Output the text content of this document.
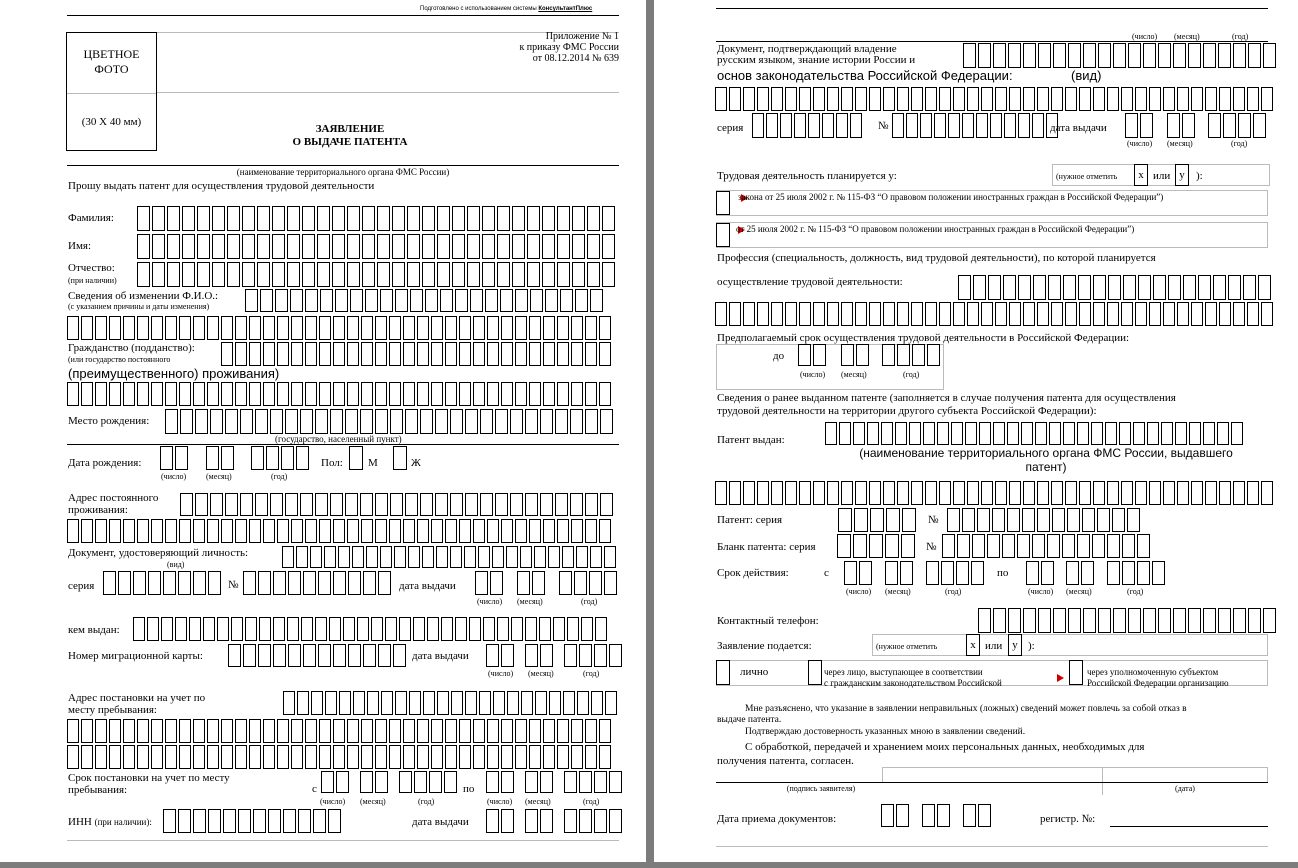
Подготовлено с использованием системы КонсультантПлюс
ЦВЕТНОЕ
ФОТО
(30 Х 40 мм)
Приложение № 1
к приказу ФМС России
от 08.12.2014 № 639
ЗАЯВЛЕНИЕ
О ВЫДАЧЕ ПАТЕНТА
(наименование территориального органа ФМС России)
Прошу выдать патент для осуществления трудовой деятельности
Фамилия:
Имя:
Отчество:
(при наличии)
Сведения об изменении Ф.И.О.:
(с указанием причины и даты изменения)
Гражданство (подданство):
(или государство постоянного
(преимущественного) проживания)
Место рождения:
(государство, населенный пункт)
Дата рождения:
(число) (месяц)	(год)
Пол: М	Ж
Адрес постоянного
проживания:
Документ, удостоверяющий личность:
(вид)
серия	№	дата выдачи
(число) (месяц)	(год)
кем выдан:
Номер миграционной карты:	дата выдачи
(число) (месяц)	(год)
Адрес постановки на учет по
месту пребывания:
Срок постановки на учет по месту
пребывания:	с
(число) (месяц)	(год)
по
(число) (месяц)	(год)
ИНН (при наличии):	дата выдачи
(число) (месяц)	(год)
Документ, подтверждающий владение
русским языком, знание истории России и
основ законодательства Российской Федерации:	(вид)
серия	№	дата выдачи
(число) (месяц)	(год)
Трудовая деятельность планируется у:	(нужное отметить	х или у	):
закона от 25 июля 2002 г. № 115-ФЗ “О правовом положении иностранных граждан в Российской Федерации”)
от 25 июля 2002 г. № 115-ФЗ “О правовом положении иностранных граждан в Российской Федерации”)
Профессия (специальность, должность, вид трудовой деятельности), по которой планируется
осуществление трудовой деятельности:
Предполагаемый срок осуществления трудовой деятельности в Российской Федерации:
до
(число) (месяц)	(год)
Сведения о ранее выданном патенте (заполняется в случае получения патента для осуществления
трудовой деятельности на территории другого субъекта Российской Федерации):
Патент выдан:
(наименование территориального органа ФМС России, выдавшего
патент)
Патент: серия	№
Бланк патента: серия	№
Срок действия:	с
(число) (месяц)	(год)
по
(число) (месяц)	(год)
Контактный телефон:
Заявление подается:	(нужное отметить	х или у ):
лично	через лицо, выступающее в соответствии
с гражданским законодательством Российской
через уполномоченную субъектом
Российской Федерации организацию
Мне разъяснено, что указание в заявлении неправильных (ложных) сведений может повлечь за собой отказ в
выдаче патента.
Подтверждаю достоверность указанных мною в заявлении сведений.
С обработкой, передачей и хранением моих персональных данных, необходимых для
получения патента, согласен.
(подпись заявителя)	(дата)
Дата приема документов:	регистр. №:
